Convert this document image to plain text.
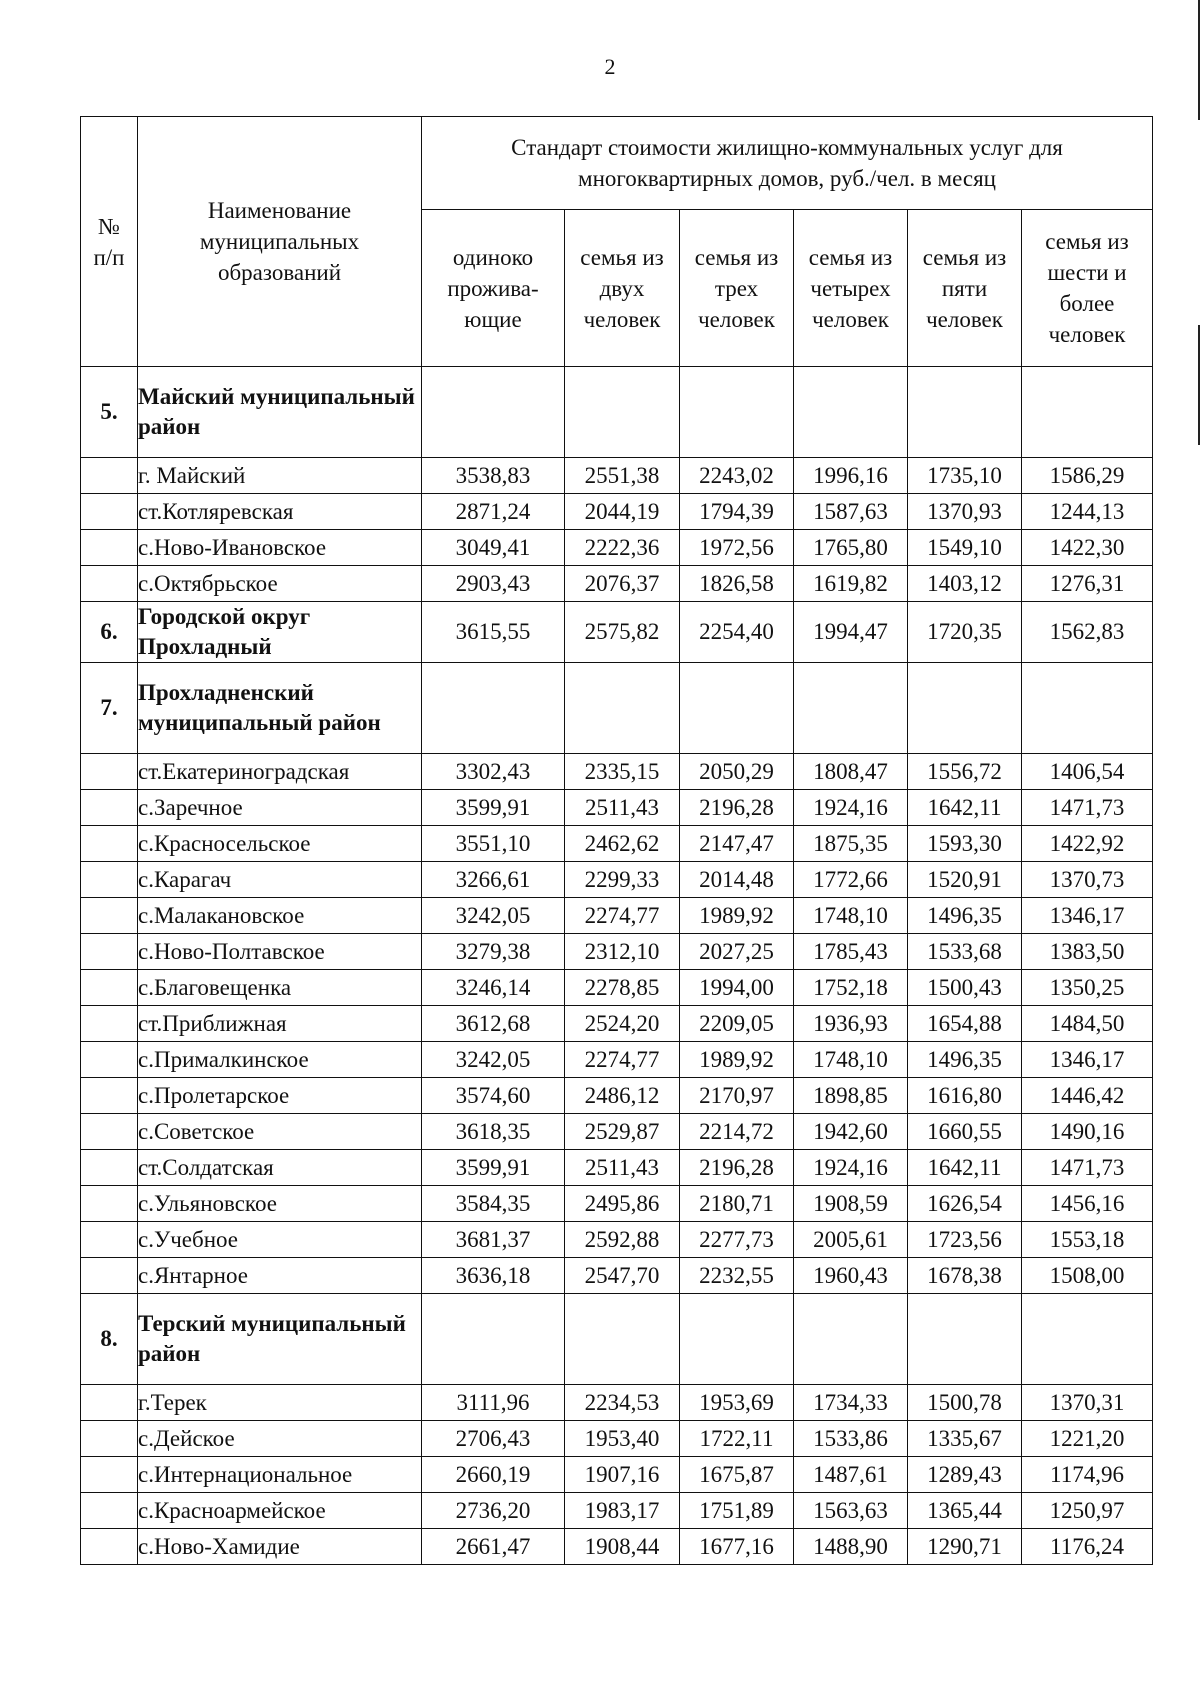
2
№ п/п	Наименование муниципальных образований	Стандарт стоимости жилищно-коммунальных услуг для многоквартирных домов, руб./чел. в месяц					
		одиноко прожива-ющие	семья из двух человек	семья из трех человек	семья из четырех человек	семья из пяти человек	семья из шести и более человек
5.	Майский муниципальный район						
	г. Майский	3538,83	2551,38	2243,02	1996,16	1735,10	1586,29
	ст.Котляревская	2871,24	2044,19	1794,39	1587,63	1370,93	1244,13
	с.Ново-Ивановское	3049,41	2222,36	1972,56	1765,80	1549,10	1422,30
	с.Октябрьское	2903,43	2076,37	1826,58	1619,82	1403,12	1276,31
6.	Городской округ Прохладный	3615,55	2575,82	2254,40	1994,47	1720,35	1562,83
7.	Прохладненский муниципальный район						
	ст.Екатериноградская	3302,43	2335,15	2050,29	1808,47	1556,72	1406,54
	с.Заречное	3599,91	2511,43	2196,28	1924,16	1642,11	1471,73
	с.Красносельское	3551,10	2462,62	2147,47	1875,35	1593,30	1422,92
	с.Карагач	3266,61	2299,33	2014,48	1772,66	1520,91	1370,73
	с.Малакановское	3242,05	2274,77	1989,92	1748,10	1496,35	1346,17
	с.Ново-Полтавское	3279,38	2312,10	2027,25	1785,43	1533,68	1383,50
	с.Благовещенка	3246,14	2278,85	1994,00	1752,18	1500,43	1350,25
	ст.Приближная	3612,68	2524,20	2209,05	1936,93	1654,88	1484,50
	с.Прималкинское	3242,05	2274,77	1989,92	1748,10	1496,35	1346,17
	с.Пролетарское	3574,60	2486,12	2170,97	1898,85	1616,80	1446,42
	с.Советское	3618,35	2529,87	2214,72	1942,60	1660,55	1490,16
	ст.Солдатская	3599,91	2511,43	2196,28	1924,16	1642,11	1471,73
	с.Ульяновское	3584,35	2495,86	2180,71	1908,59	1626,54	1456,16
	с.Учебное	3681,37	2592,88	2277,73	2005,61	1723,56	1553,18
	с.Янтарное	3636,18	2547,70	2232,55	1960,43	1678,38	1508,00
8.	Терский муниципальный район						
	г.Терек	3111,96	2234,53	1953,69	1734,33	1500,78	1370,31
	с.Дейское	2706,43	1953,40	1722,11	1533,86	1335,67	1221,20
	с.Интернациональное	2660,19	1907,16	1675,87	1487,61	1289,43	1174,96
	с.Красноармейское	2736,20	1983,17	1751,89	1563,63	1365,44	1250,97
	с.Ново-Хамидие	2661,47	1908,44	1677,16	1488,90	1290,71	1176,24
